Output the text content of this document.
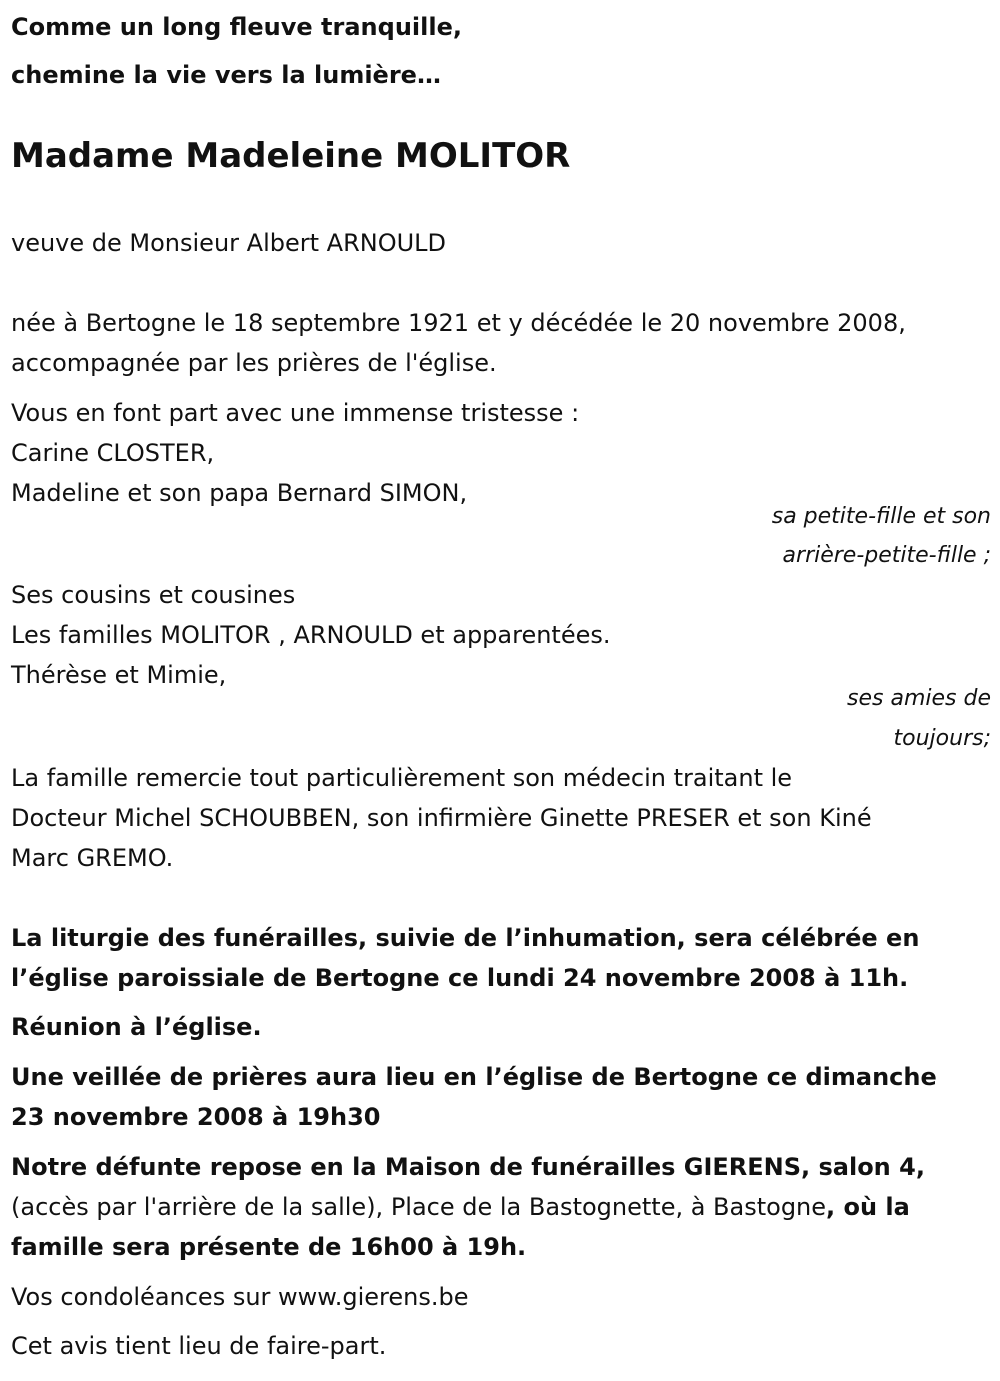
Comme un long fleuve tranquille,
chemine la vie vers la lumière…
Madame Madeleine MOLITOR
veuve de Monsieur Albert ARNOULD
née à Bertogne le 18 septembre 1921 et y décédée le 20 novembre 2008,
accompagnée par les prières de l'église.
Vous en font part avec une immense tristesse :
Carine CLOSTER,
Madeline et son papa Bernard SIMON,
sa petite-fille et son
arrière-petite-fille ;
Ses cousins et cousines
Les familles MOLITOR , ARNOULD et apparentées.
Thérèse et Mimie,
ses amies de
toujours;
La famille remercie tout particulièrement son médecin traitant le
Docteur Michel SCHOUBBEN, son infirmière Ginette PRESER et son Kiné
Marc GREMO.
La liturgie des funérailles, suivie de l’inhumation, sera célébrée en
l’église paroissiale de Bertogne ce lundi 24 novembre 2008 à 11h.
Réunion à l’église.
Une veillée de prières aura lieu en l’église de Bertogne ce dimanche
23 novembre 2008 à 19h30
Notre défunte repose en la Maison de funérailles GIERENS, salon 4,
(accès par l'arrière de la salle), Place de la Bastognette, à Bastogne, où la
famille sera présente de 16h00 à 19h.
Vos condoléances sur www.gierens.be
Cet avis tient lieu de faire-part.
